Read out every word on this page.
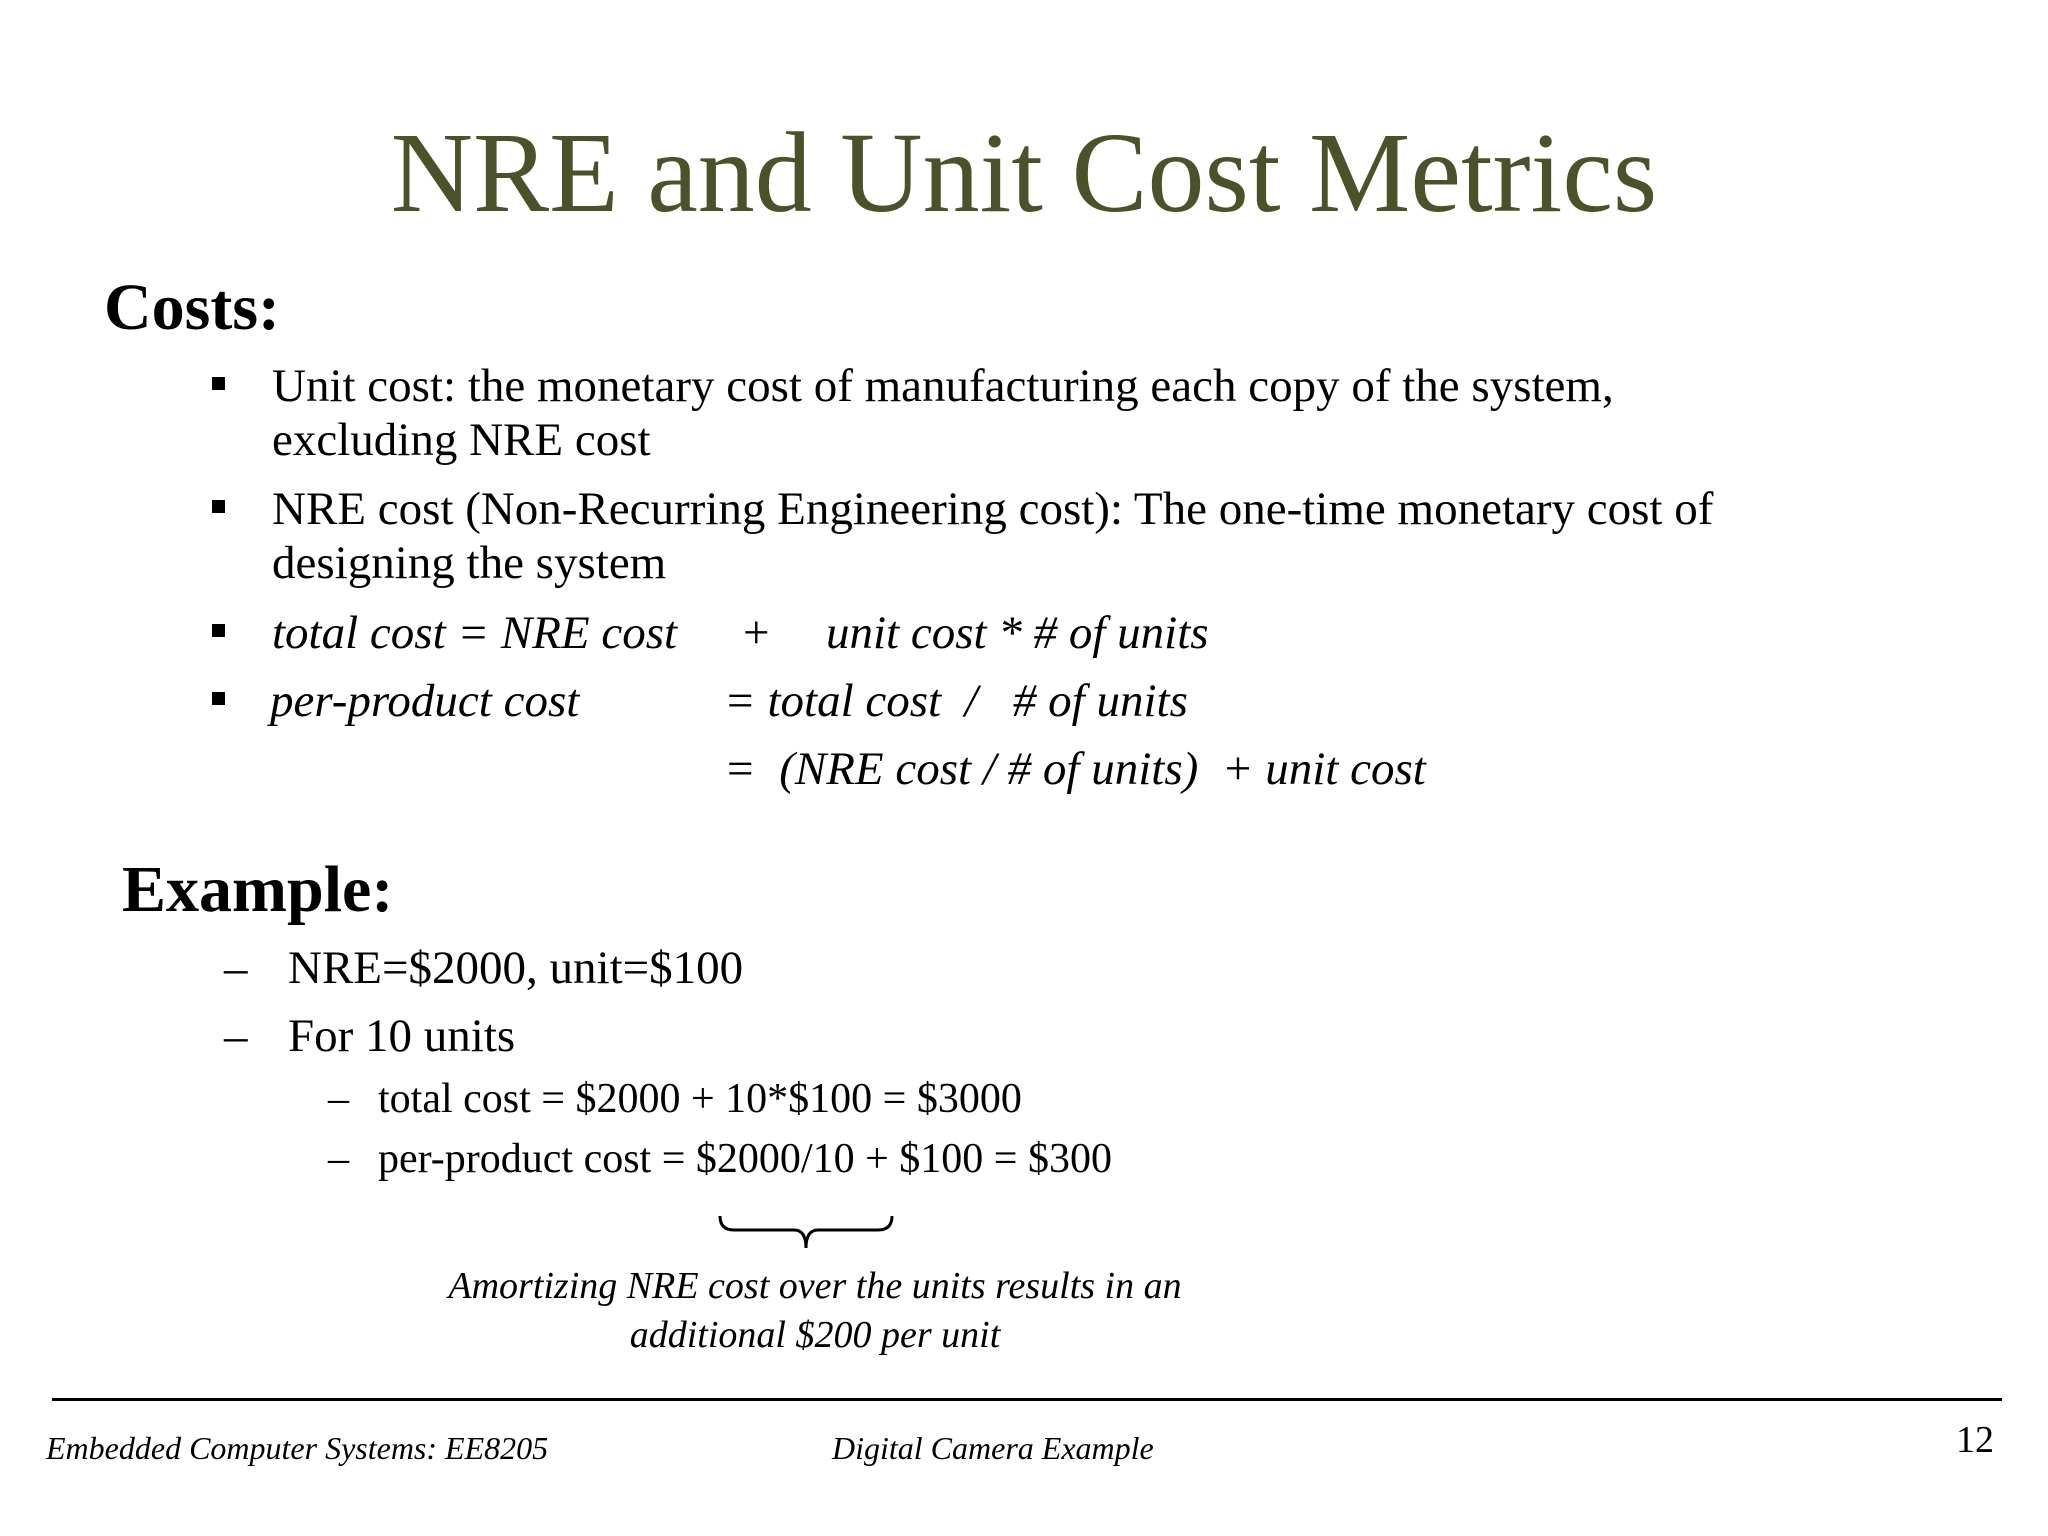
NRE and Unit Cost Metrics
Costs:
Unit cost: the monetary cost of manufacturing each copy of the system,
excluding NRE cost
NRE cost (Non-Recurring Engineering cost): The one-time monetary cost of
designing the system
total cost = NRE cost + unit cost * # of units
per-product cost	= total cost  /   # of units
=  (NRE cost / # of units)  + unit cost
Example:
– NRE=$2000, unit=$100
– For 10 units
– total cost = $2000 + 10*$100 = $3000
– per-product cost = $2000/10 + $100 = $300
Amortizing NRE cost over the units results in an
additional $200 per unit
Embedded Computer Systems: EE8205	Digital Camera Example	12
